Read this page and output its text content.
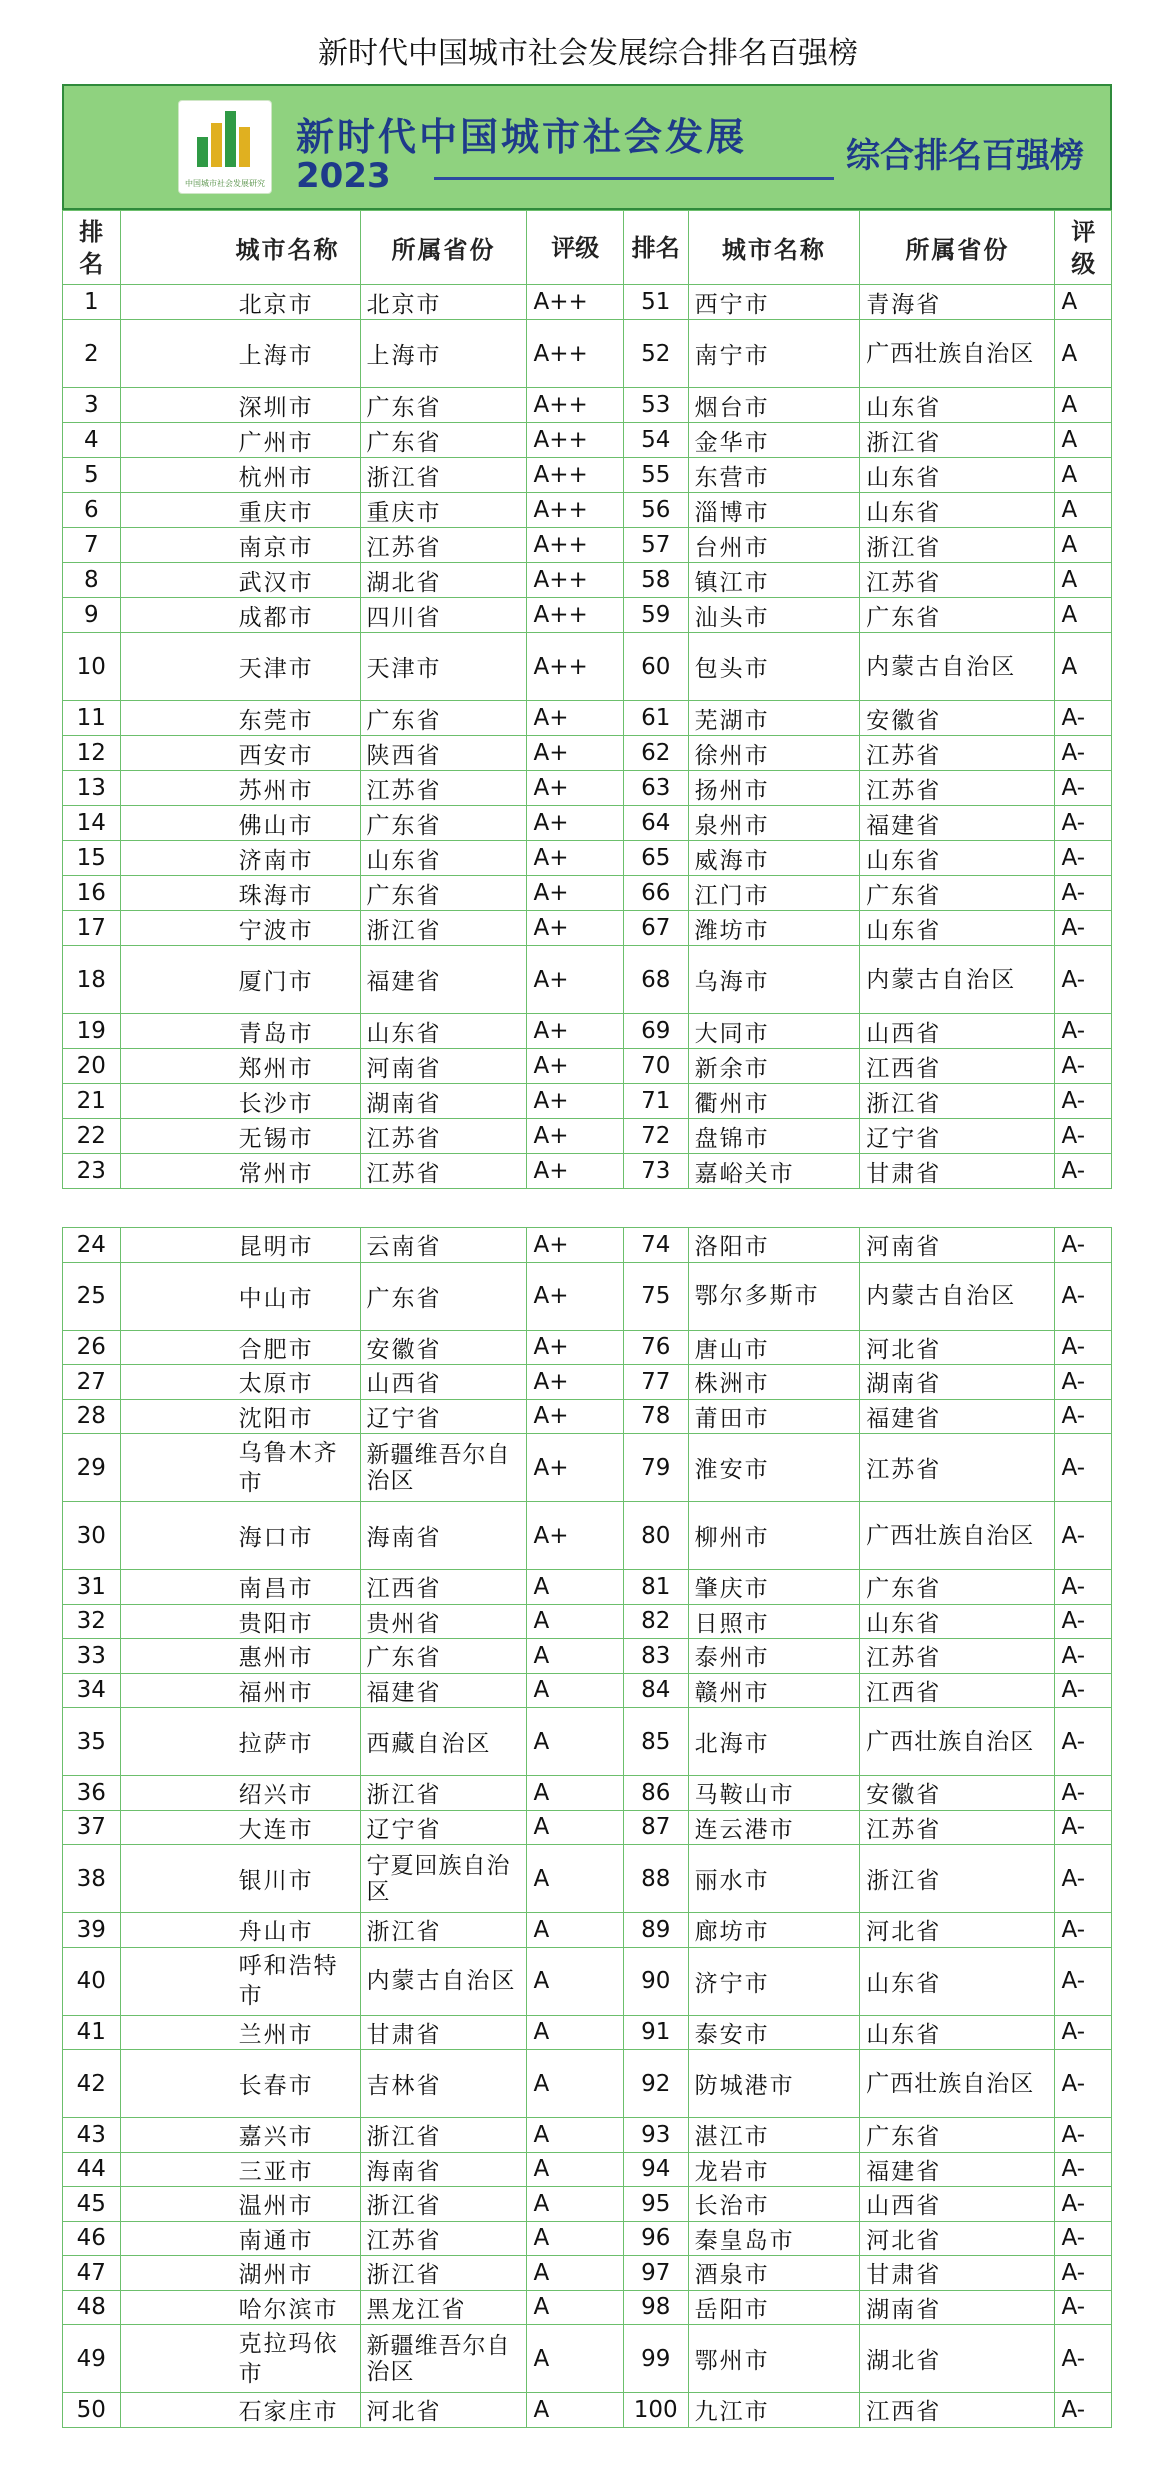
新时代中国城市社会发展综合排名百强榜
中国城市社会发展研究
新时代中国城市社会发展
2023	综合排名百强榜
排名	城市名称	所属省份	评级	排名	城市名称	所属省份	评级
1	北京市	北京市	A++	51	西宁市	青海省	A
2	上海市	上海市	A++	52	南宁市	广西壮族自治区	A
3	深圳市	广东省	A++	53	烟台市	山东省	A
4	广州市	广东省	A++	54	金华市	浙江省	A
5	杭州市	浙江省	A++	55	东营市	山东省	A
6	重庆市	重庆市	A++	56	淄博市	山东省	A
7	南京市	江苏省	A++	57	台州市	浙江省	A
8	武汉市	湖北省	A++	58	镇江市	江苏省	A
9	成都市	四川省	A++	59	汕头市	广东省	A
10	天津市	天津市	A++	60	包头市	内蒙古自治区	A
11	东莞市	广东省	A+	61	芜湖市	安徽省	A-
12	西安市	陕西省	A+	62	徐州市	江苏省	A-
13	苏州市	江苏省	A+	63	扬州市	江苏省	A-
14	佛山市	广东省	A+	64	泉州市	福建省	A-
15	济南市	山东省	A+	65	威海市	山东省	A-
16	珠海市	广东省	A+	66	江门市	广东省	A-
17	宁波市	浙江省	A+	67	潍坊市	山东省	A-
18	厦门市	福建省	A+	68	乌海市	内蒙古自治区	A-
19	青岛市	山东省	A+	69	大同市	山西省	A-
20	郑州市	河南省	A+	70	新余市	江西省	A-
21	长沙市	湖南省	A+	71	衢州市	浙江省	A-
22	无锡市	江苏省	A+	72	盘锦市	辽宁省	A-
23	常州市	江苏省	A+	73	嘉峪关市	甘肃省	A-
24	昆明市	云南省	A+	74	洛阳市	河南省	A-
25	中山市	广东省	A+	75	鄂尔多斯市	内蒙古自治区	A-
26	合肥市	安徽省	A+	76	唐山市	河北省	A-
27	太原市	山西省	A+	77	株洲市	湖南省	A-
28	沈阳市	辽宁省	A+	78	莆田市	福建省	A-
29	乌鲁木齐市	新疆维吾尔自治区	A+	79	淮安市	江苏省	A-
30	海口市	海南省	A+	80	柳州市	广西壮族自治区	A-
31	南昌市	江西省	A	81	肇庆市	广东省	A-
32	贵阳市	贵州省	A	82	日照市	山东省	A-
33	惠州市	广东省	A	83	泰州市	江苏省	A-
34	福州市	福建省	A	84	赣州市	江西省	A-
35	拉萨市	西藏自治区	A	85	北海市	广西壮族自治区	A-
36	绍兴市	浙江省	A	86	马鞍山市	安徽省	A-
37	大连市	辽宁省	A	87	连云港市	江苏省	A-
38	银川市	宁夏回族自治区	A	88	丽水市	浙江省	A-
39	舟山市	浙江省	A	89	廊坊市	河北省	A-
40	呼和浩特市	内蒙古自治区	A	90	济宁市	山东省	A-
41	兰州市	甘肃省	A	91	泰安市	山东省	A-
42	长春市	吉林省	A	92	防城港市	广西壮族自治区	A-
43	嘉兴市	浙江省	A	93	湛江市	广东省	A-
44	三亚市	海南省	A	94	龙岩市	福建省	A-
45	温州市	浙江省	A	95	长治市	山西省	A-
46	南通市	江苏省	A	96	秦皇岛市	河北省	A-
47	湖州市	浙江省	A	97	酒泉市	甘肃省	A-
48	哈尔滨市	黑龙江省	A	98	岳阳市	湖南省	A-
49	克拉玛依市	新疆维吾尔自治区	A	99	鄂州市	湖北省	A-
50	石家庄市	河北省	A	100	九江市	江西省	A-
